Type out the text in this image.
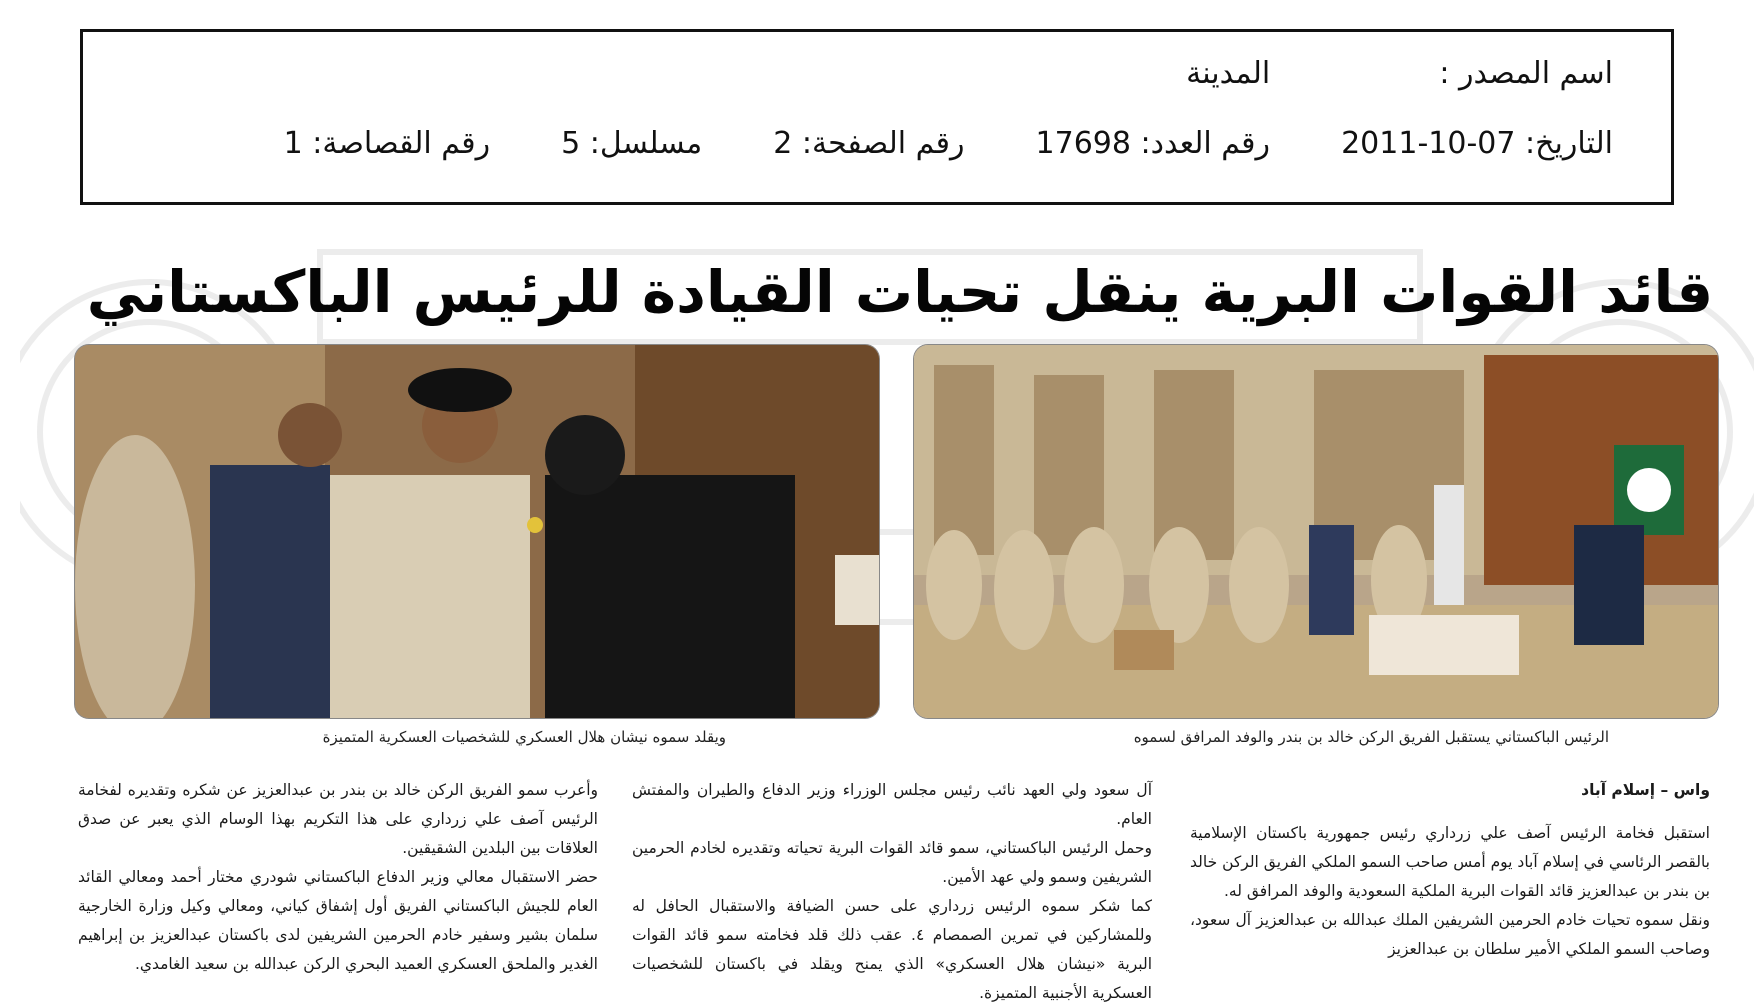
اسم المصدر :  المدينة
التاريخ: 07-10-2011  رقم العدد: 17698  رقم الصفحة: 2  مسلسل: 5  رقم القصاصة: 1
قائد القوات البرية ينقل تحيات القيادة للرئيس الباكستاني
الرئيس الباكستاني يستقبل الفريق الركن خالد بن بندر والوفد المرافق لسموه
ويقلد سموه نيشان هلال العسكري للشخصيات العسكرية المتميزة

واس – إسلام آباد

استقبل فخامة الرئيس آصف علي زرداري رئيس جمهورية باكستان الإسلامية بالقصر الرئاسي في إسلام آباد يوم أمس صاحب السمو الملكي الفريق الركن خالد بن بندر بن عبدالعزيز قائد القوات البرية الملكية السعودية والوفد المرافق له.

ونقل سموه تحيات خادم الحرمين الشريفين الملك عبدالله بن عبدالعزيز آل سعود، وصاحب السمو الملكي الأمير سلطان بن عبدالعزيز

آل سعود ولي العهد نائب رئيس مجلس الوزراء وزير الدفاع والطيران والمفتش العام.

وحمل الرئيس الباكستاني، سمو قائد القوات البرية تحياته وتقديره لخادم الحرمين الشريفين وسمو ولي عهد الأمين.

كما شكر سموه الرئيس زرداري على حسن الضيافة والاستقبال الحافل له وللمشاركين في تمرين الصمصام ٤. عقب ذلك قلد فخامته سمو قائد القوات البرية «نيشان هلال العسكري» الذي يمنح ويقلد في باكستان للشخصيات العسكرية الأجنبية المتميزة.

وأعرب سمو الفريق الركن خالد بن بندر بن عبدالعزيز عن شكره وتقديره لفخامة الرئيس آصف علي زرداري على هذا التكريم بهذا الوسام الذي يعبر عن صدق العلاقات بين البلدين الشقيقين.

حضر الاستقبال معالي وزير الدفاع الباكستاني شودري مختار أحمد ومعالي القائد العام للجيش الباكستاني الفريق أول إشفاق كياني، ومعالي وكيل وزارة الخارجية سلمان بشير وسفير خادم الحرمين الشريفين لدى باكستان عبدالعزيز بن إبراهيم الغدير والملحق العسكري العميد البحري الركن عبدالله بن سعيد الغامدي.
